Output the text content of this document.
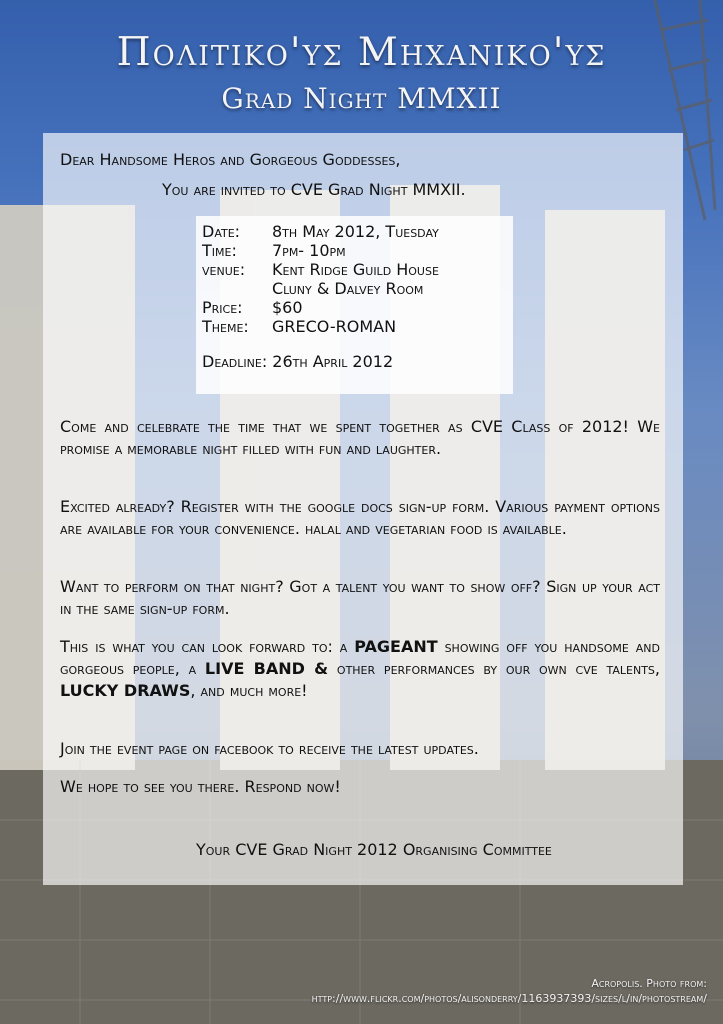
Πολιτικο'υς Μηχανικο'υς
Grad Night MMXII
Dear Handsome Heros and Gorgeous Goddesses,
You are invited to CVE Grad Night MMXII.
Date:	8th May 2012, Tuesday
Time:	7pm- 10pm
venue:	Kent Ridge Guild House
Cluny & Dalvey Room
Price:	$60
Theme:	GRECO-ROMAN
Deadline: 26th April 2012
Come and celebrate the time that we spent together as CVE Class of 2012! We promise a memorable night filled with fun and laughter.
Excited already? Register with the google docs sign-up form. Various payment options are available for your convenience. halal and vegetarian food is available.
Want to perform on that night? Got a talent you want to show off? Sign up your act in the same sign-up form.
This is what you can look forward to: a PAGEANT showing off you handsome and gorgeous people, a LIVE BAND & other performances by our own cve talents, LUCKY DRAWS, and much more!
Join the event page on facebook to receive the latest updates.
We hope to see you there. Respond now!
Your CVE Grad Night 2012 Organising Committee
Acropolis. Photo from:
http://www.flickr.com/photos/alisonderry/1163937393/sizes/l/in/photostream/
